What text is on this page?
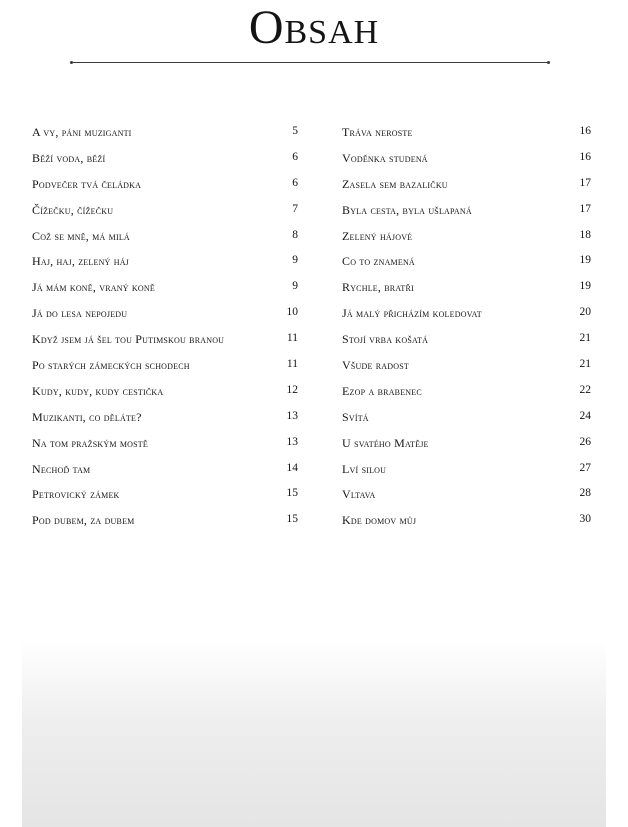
Obsah
A vy, páni muziganti	5
Běží voda, běží	6
Podvečer tvá čeládka	6
Čížečku, čížečku	7
Což se mně, má milá	8
Haj, haj, zelený háj	9
Já mám koně, vraný koně	9
Já do lesa nepojedu	10
Když jsem já šel tou Putimskou branou	11
Po starých zámeckých schodech	11
Kudy, kudy, kudy cestička	12
Muzikanti, co děláte?	13
Na tom pražským mostě	13
Nechoď tam	14
Petrovický zámek	15
Pod dubem, za dubem	15
Tráva neroste	16
Voděnka studená	16
Zasela sem bazaličku	17
Byla cesta, byla ušlapaná	17
Zelený hájové	18
Co to znamená	19
Rychle, bratři	19
Já malý přicházím koledovat	20
Stojí vrba košatá	21
Všude radost	21
Ezop a brabenec	22
Svítá	24
U svatého Matěje	26
Lví silou	27
Vltava	28
Kde domov můj	30
